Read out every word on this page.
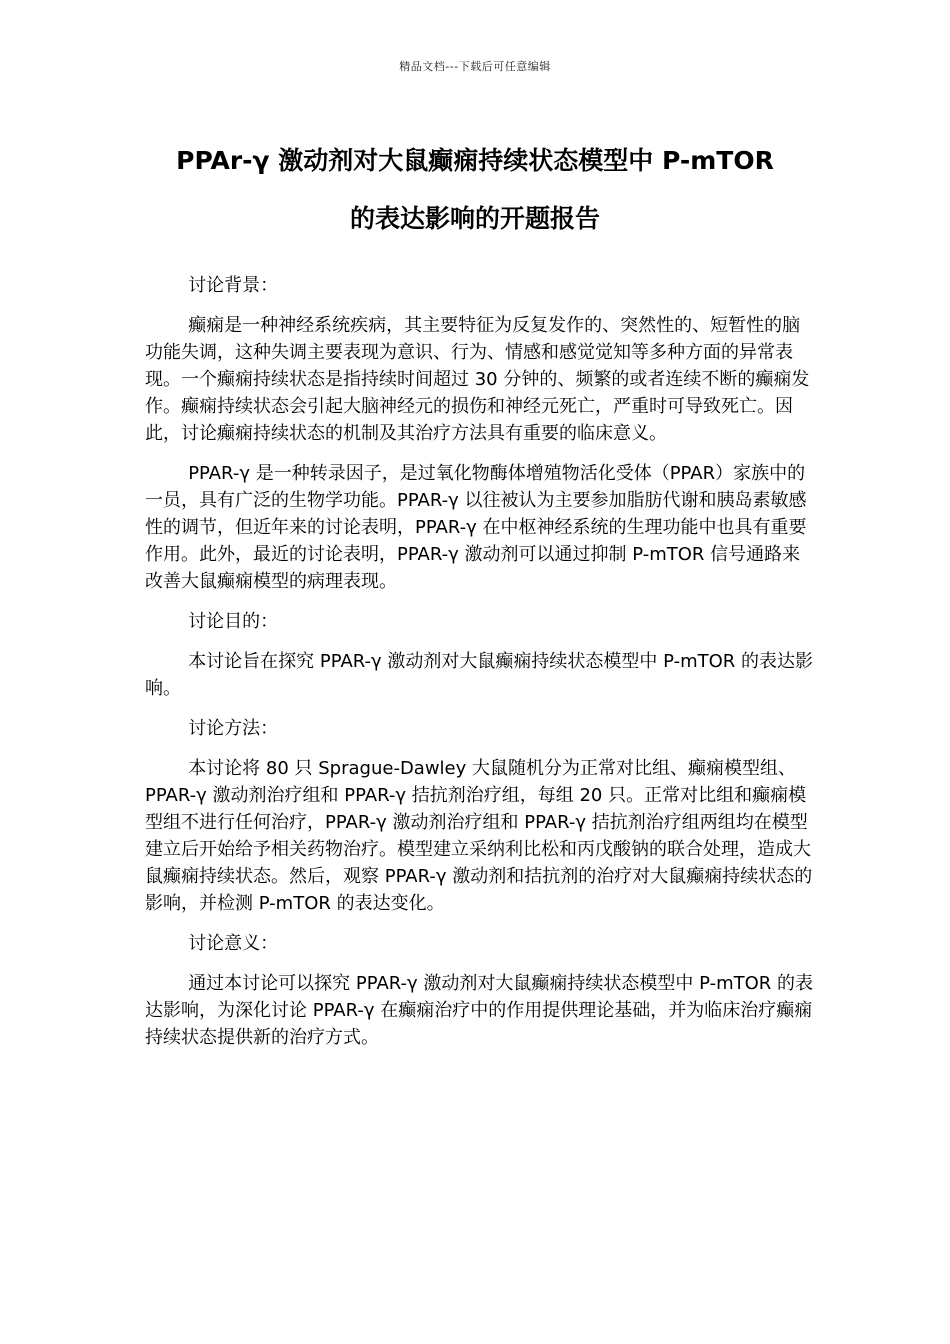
精品文档---下载后可任意编辑
PPAr-γ 激动剂对大鼠癫痫持续状态模型中 P-mTOR
的表达影响的开题报告

讨论背景：

癫痫是一种神经系统疾病，其主要特征为反复发作的、突然性的、短暂性的脑功能失调，这种失调主要表现为意识、行为、情感和感觉觉知等多种方面的异常表现。一个癫痫持续状态是指持续时间超过 30 分钟的、频繁的或者连续不断的癫痫发作。癫痫持续状态会引起大脑神经元的损伤和神经元死亡，严重时可导致死亡。因此，讨论癫痫持续状态的机制及其治疗方法具有重要的临床意义。

PPAR-γ 是一种转录因子，是过氧化物酶体增殖物活化受体（PPAR）家族中的一员，具有广泛的生物学功能。PPAR-γ 以往被认为主要参加脂肪代谢和胰岛素敏感性的调节，但近年来的讨论表明，PPAR-γ 在中枢神经系统的生理功能中也具有重要作用。此外，最近的讨论表明，PPAR-γ 激动剂可以通过抑制 P-mTOR 信号通路来改善大鼠癫痫模型的病理表现。

讨论目的：

本讨论旨在探究 PPAR-γ 激动剂对大鼠癫痫持续状态模型中 P-mTOR 的表达影响。

讨论方法：

本讨论将 80 只 Sprague-Dawley 大鼠随机分为正常对比组、癫痫模型组、PPAR-γ 激动剂治疗组和 PPAR-γ 拮抗剂治疗组，每组 20 只。正常对比组和癫痫模型组不进行任何治疗，PPAR-γ 激动剂治疗组和 PPAR-γ 拮抗剂治疗组两组均在模型建立后开始给予相关药物治疗。模型建立采纳利比松和丙戊酸钠的联合处理，造成大鼠癫痫持续状态。然后，观察 PPAR-γ 激动剂和拮抗剂的治疗对大鼠癫痫持续状态的影响，并检测 P-mTOR 的表达变化。

讨论意义：

通过本讨论可以探究 PPAR-γ 激动剂对大鼠癫痫持续状态模型中 P-mTOR 的表达影响，为深化讨论 PPAR-γ 在癫痫治疗中的作用提供理论基础，并为临床治疗癫痫持续状态提供新的治疗方式。
